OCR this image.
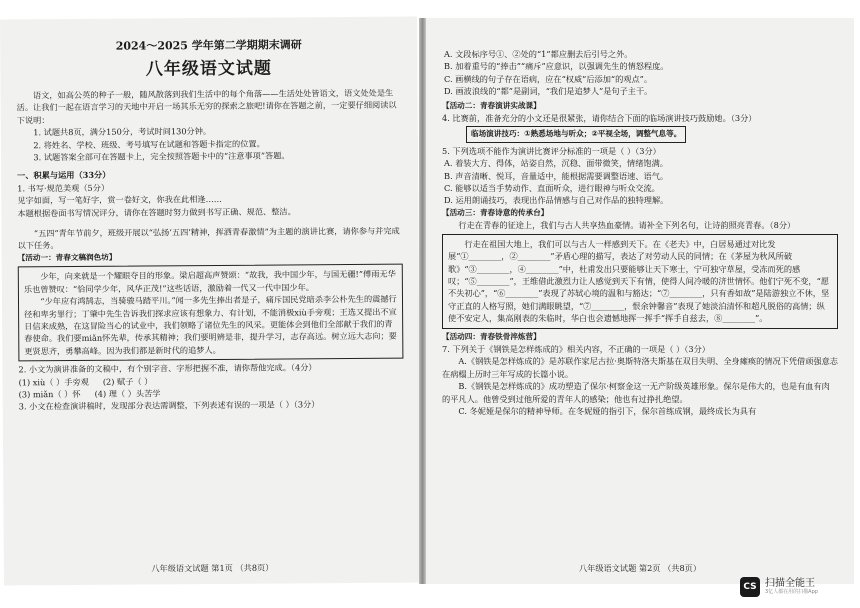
2024～2025 学年第二学期期末调研

八年级语文试题

语文，如高公英的种子一般，随风散落到我们生活中的每个角落——生活处处皆语文，语文处处是生活。让我们一起在语言学习的天地中开启一场其乐无穷的探索之旅吧!请你在答题之前，一定要仔细阅读以下说明：

1. 试题共8页，满分150分，考试时间130分钟。

2. 将姓名、学校、班级、考号填写在试题和答题卡指定的位置。

3. 试题答案全部可在答题卡上，完全按照答题卡中的“注意事项”答题。

一、积累与运用（33分）

1. 书写·规范美观（5分）

见字如面，写一笔好字，赏一卷好文，你我在此相逢……

本题根据卷面书写情况评分，请你在答题时努力做到书写正确、规范、整洁。

“五四”青年节前夕，班级开展以“弘扬‘五四’精神，挥洒青春激情”为主题的演讲比赛，请你参与并完成以下任务。

【活动一：青春文稿润色坊】

少年，向来就是一个耀眼夺目的形象。梁启超高声赞颂：“故我，我中国少年，与国无疆!”傅雨无华乐也曾赞叹：“恰同学少年，风华正茂!”这些话语，激励着一代又一代中国少年。

“少年应有鸿鹄志，当骑骏马踏平川。”闻一多先生捧出者是子，痛斥国民党暗杀李公朴先生的震撼行径和卑劣罪行；丁肇中先生告诉我们探求应该有想象力、有计划，不能消极xiù手旁观；王选又提出不宣日信来成熟，在这冒险当心的试业中，我们领略了诸位先生的风采。更能体会到他们全部献于我们的青春使命。我们要miǎn怀先辈，传承其精神；我们要明辨是非，提升学习，志存高远。树立远大志向；要更贤思齐，勇攀高峰。因为我们都是新时代的追梦人。

2. 小文为演讲准备的文稿中，有个别字音、字形把握不准，请你帮他完成。（4分）

(1) xiù（ ）手旁观 (2) 赋子（ ）
(3) miǎn（ ）怀 (4) 理（ ）头苦学

3. 小文在检查演讲稿时，发现部分表达需调整，下列表述有误的一项是（ ）（3分）

八年级语文试题 第1页 （共8页）

A. 文段标序号①、②处的“1”都应删去后引号之外。

B. 加着重号的“捧击”“痛斥”应意识，以强调先生的情怒程度。

C. 画横线的句子存在语病，应在“权威”后添加“的观点”。

D. 画波浪线的“都”是副词，“我们是追梦人”是句子主干。

【活动二：青春演讲实战课】

4. 比赛前，准备充分的小文还是很紧张，请你结合下面的临场演讲技巧鼓励她。（3分）

临场演讲技巧：①熟悉场地与听众；②平视全场，调整气息等。

5. 下列选项不能作为演讲比赛评分标准的一项是（ ）（3分）

A. 着装大方、得体，站姿自然，沉稳、面带微笑，情绪饱满。

B. 声音清晰、悦耳，音量适中，能根据需要调整语速、语气。

C. 能够以适当手势动作、直面听众，进行眼神与听众交流。

D. 运用朗诵技巧，表现出作品情感与自己对作品的独特理解。

【活动三：青春诗意的传承台】

行走在青春的征途上，我们与古人共享热血豪情。请补全下列名句，让诗韵照亮青春。（8分）

行走在祖国大地上，我们可以与古人一样感到天下。在《老夫》中，白居易通过对比发展“①________，②________”矛盾心理的描写，表达了对劳动人民的同情；在《茅屋为秋风所破歌》“③________，④________”中，杜甫发出只要能够让天下寒士，宁可独守草屋，受冻而死的感叹；“⑤________”，王维借此激烈力让人感觉到天下有情，使得人间冷暖的济世情怀。他们宁死不变，“愿不失初心”，“⑥________”表现了苏轼心境的温和与豁达；“⑦________，只有香如故”是陆游独立不休，坚守正直的人格写照，她们满眼眺望，“⑦________，恨余钟馨音”表现了她淡泊清怀和超凡脱俗的高情；纵使不安定人，集高刚表的朱临时，华白也会遗憾地挥一挥手“挥手自兹去，⑧________”。

【活动四：青春铁骨淬炼营】

7. 下列关于《钢铁是怎样炼成的》相关内容，不正确的一项是（ ）（3分）

A.《钢铁是怎样炼成的》是苏联作家尼古拉·奥斯特洛夫斯基在双目失明、全身瘫痪的情况下凭借顽强意志在病榻上历时三年写成的长篇小说。

B.《钢铁是怎样炼成的》成功塑造了保尔·柯察金这一无产阶级英雄形象。保尔是伟大的，也是有血有肉的平凡人。他曾受到过他所爱的青年人的感染；他也有过挣扎绝望。

C. 冬妮娅是保尔的精神导师。在冬妮娅的指引下，保尔首练成钢，最终成长为具有

八年级语文试题 第2页 （共8页）

CS 扫描全能王
3亿人都在用的扫描App
